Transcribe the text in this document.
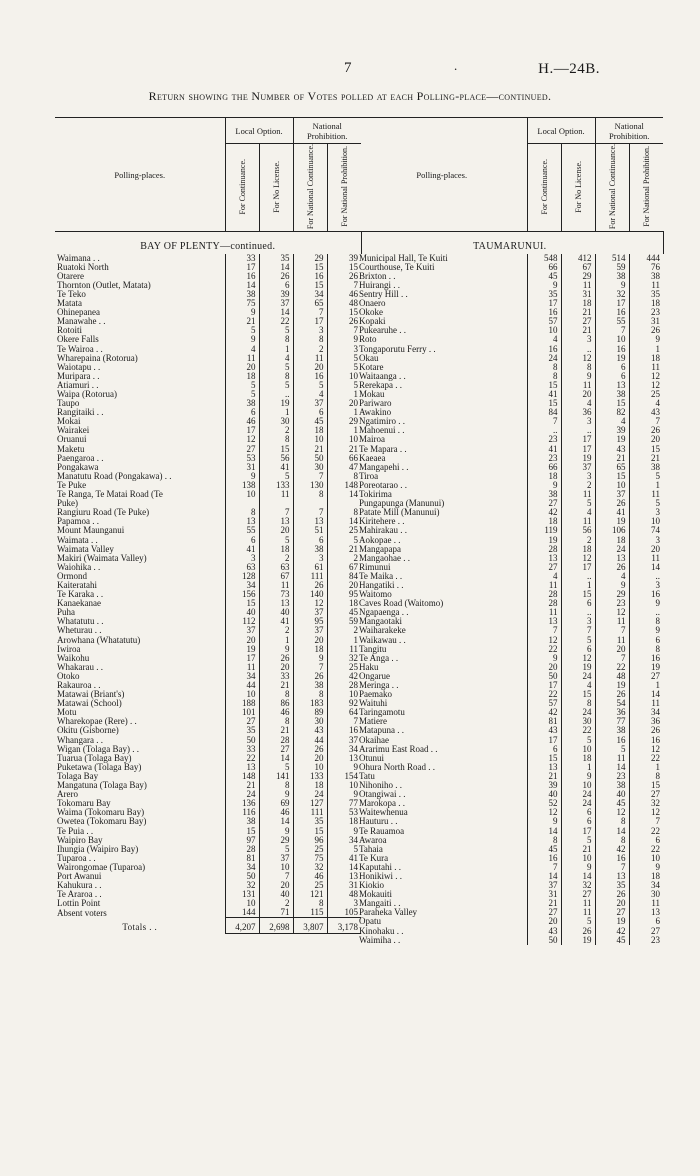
7	.	H.—24B.
Return showing the Number of Votes polled at each Polling-place—continued.
Polling-places.	Local Option.		National Prohibition.	
	For Continuance.	For No License.	For National Continuance.	For National Prohibition.
BAY OF PLENTY—continued.				
Waimana . .	33	35	29	39
Ruatoki North	17	14	15	15
Otarere	16	26	16	26
Thornton (Outlet, Matata)	14	6	15	7
Te Teko	38	39	34	46
Matata	75	37	65	48
Ohinepanea	9	14	7	15
Manawahe . .	21	22	17	26
Rotoiti	5	5	3	7
Okere Falls	9	8	8	9
Te Wairoa . .	4	1	2	3
Wharepaina (Rotorua)	11	4	11	5
Waiotapu . .	20	5	20	5
Muripara . .	18	8	16	10
Atiamuri . .	5	5	5	5
Waipa (Rotorua)	5	..	4	1
Taupo	38	19	37	20
Rangitaiki . .	6	1	6	1
Mokai	46	30	45	29
Wairakei	17	2	18	1
Oruanui	12	8	10	10
Maketu	27	15	21	21
Paengaroa . .	53	56	50	66
Pongakawa	31	41	30	47
Manatutu Road (Pongakawa) . .	9	5	7	8
Te Puke	138	133	130	148
Te Ranga, Te Matai Road (Te	10	11	8	14
Puke)				
Rangiuru Road (Te Puke)	8	7	7	8
Papamoa . .	13	13	13	14
Mount Maunganui	55	20	51	25
Waimata . .	6	5	6	5
Waimata Valley	41	18	38	21
Makiri (Waimata Valley)	3	2	3	2
Waiohika . .	63	63	61	67
Ormond	128	67	111	84
Kaiteratahi	34	11	26	20
Te Karaka . .	156	73	140	95
Kanaekanae	15	13	12	18
Puha	40	40	37	45
Whatatutu . .	112	41	95	59
Wheturau . .	37	2	37	2
Arowhana (Whatatutu)	20	1	20	1
Iwiroa	19	9	18	11
Waikohu	17	26	9	32
Whakarau . .	11	20	7	25
Otoko	34	33	26	42
Rakauroa . .	44	21	38	28
Matawai (Briant's)	10	8	8	10
Matawai (School)	188	86	183	92
Motu	101	46	89	64
Wharekopae (Rere) . .	27	8	30	7
Okitu (Gisborne)	35	21	43	16
Whangara . .	50	28	44	37
Wigan (Tolaga Bay) . .	33	27	26	34
Tuarua (Tolaga Bay)	22	14	20	13
Puketawa (Tolaga Bay)	13	5	10	9
Tolaga Bay	148	141	133	154
Mangatuna (Tolaga Bay)	21	8	18	10
Arero	24	9	24	9
Tokomaru Bay	136	69	127	77
Waima (Tokomaru Bay)	116	46	111	53
Owetea (Tokomaru Bay)	38	14	35	18
Te Puia . .	15	9	15	9
Waipiro Bay	97	29	96	34
Ihungia (Waipiro Bay)	28	5	25	5
Tuparoa . .	81	37	75	41
Wairongomae (Tuparoa)	34	10	32	14
Port Awanui	50	7	46	13
Kahukura . .	32	20	25	31
Te Araroa . .	131	40	121	48
Lottin Point	10	2	8	3
Absent voters	144	71	115	105
Totals . .	4,207	2,698	3,807	3,178
Polling-places.	Local Option.		National Prohibition.	
	For Continuance.	For No License.	For National Continuance.	For National Prohibition.
TAUMARUNUI.				
Municipal Hall, Te Kuiti	548	412	514	444
Courthouse, Te Kuiti	66	67	59	76
Brixton . .	45	29	38	38
Huirangi . .	9	11	9	11
Sentry Hill . .	35	31	32	35
Onaero	17	18	17	18
Okoke	16	21	16	23
Kopaki	57	27	55	31
Pukearuhe . .	10	21	7	26
Roto	4	3	10	9
Tongaporutu Ferry . .	16	..	16	1
Okau	24	12	19	18
Kotare	8	8	6	11
Waitaanga . .	8	9	6	12
Rerekapa . .	15	11	13	12
Mokau	41	20	38	25
Pariwaro	15	4	15	4
Awakino	84	36	82	43
Ngatimiro . .	7	3	4	7
Mahoenui . .	..	..	39	26
Mairoa	23	17	19	20
Te Mapara . .	41	17	43	15
Kaeaea	23	19	21	21
Mangapehi . .	66	37	65	38
Tiroa	18	3	15	5
Poreotarao . .	9	2	10	1
Tokirima	38	11	37	11
Pungapunga (Manunui)	27	5	26	5
Patate Mill (Manunui)	42	4	41	3
Kiritehere . .	18	11	19	10
Mahirakau . .	119	56	106	74
Aokopae . .	19	2	18	3
Mangapapa	28	18	24	20
Mangaohae . .	13	12	13	11
Rimunui	27	17	26	14
Te Maika . .	4	..	4	..
Hangatiki . .	11	1	9	3
Waitomo	28	15	29	16
Caves Road (Waitomo)	28	6	23	9
Ngapaenga . .	11	..	12	..
Mangaotaki	13	3	11	8
Waiharakeke	7	7	7	9
Waikawau . .	12	5	11	6
Tangitu	22	6	20	8
Te Anga . .	9	12	7	16
Haku	20	19	22	19
Ongarue	50	24	48	27
Meringa . .	17	4	19	1
Paemako	22	15	26	14
Waituhi	57	8	54	11
Taringamotu	42	24	36	34
Matiere	81	30	77	36
Matapuna . .	43	22	38	26
Okaihae	17	5	16	16
Ararimu East Road . .	6	10	5	12
Otunui	15	18	11	22
Ohura North Road . .	13	1	14	1
Tatu	21	9	23	8
Nihoniho . .	39	10	38	15
Otangiwai . .	40	24	40	27
Marokopa . .	52	24	45	32
Waitewhenua	12	6	12	12
Hauturu . .	9	6	8	7
Te Rauamoa	14	17	14	22
Awaroa	8	5	8	6
Tahaia	45	21	42	22
Te Kura	16	10	16	10
Kaputahi . .	7	9	7	9
Honikiwi . .	14	14	13	18
Kiokio	37	32	35	34
Mokauiti	31	27	26	30
Mangaiti . .	21	11	20	11
Paraheka Valley	27	11	27	13
Opatu	20	5	19	6
Kinohaku . .	43	26	42	27
Waimiha . .	50	19	45	23
